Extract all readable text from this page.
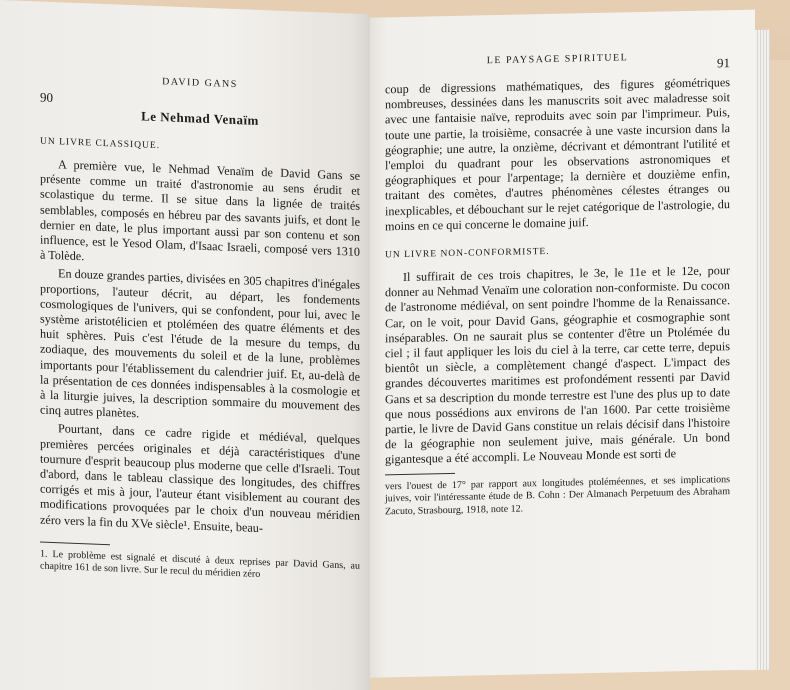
LE PAYSAGE SPIRITUEL	91

coup de digressions mathématiques, des figures géométriques nombreuses, dessinées dans les manuscrits soit avec maladresse soit avec une fantaisie naïve, reproduits avec soin par l'imprimeur. Puis, toute une partie, la troisième, consacrée à une vaste incursion dans la géographie; une autre, la onzième, décrivant et démontrant l'utilité et l'emploi du quadrant pour les observations astronomiques et géographiques et pour l'arpentage; la dernière et douzième enfin, traitant des comètes, d'autres phénomènes célestes étranges ou inexplicables, et débouchant sur le rejet catégorique de l'astrologie, du moins en ce qui concerne le domaine juif.

UN LIVRE NON-CONFORMISTE.

Il suffirait de ces trois chapitres, le 3e, le 11e et le 12e, pour donner au Nehmad Venaïm une coloration non-conformiste. Du cocon de l'astronome médiéval, on sent poindre l'homme de la Renaissance. Car, on le voit, pour David Gans, géographie et cosmographie sont inséparables. On ne saurait plus se contenter d'être un Ptolémée du ciel ; il faut appliquer les lois du ciel à la terre, car cette terre, depuis bientôt un siècle, a complètement changé d'aspect. L'impact des grandes découvertes maritimes est profondément ressenti par David Gans et sa description du monde terrestre est l'une des plus up to date que nous possédions aux environs de l'an 1600. Par cette troisième partie, le livre de David Gans constitue un relais décisif dans l'histoire de la géographie non seulement juive, mais générale. Un bond gigantesque a été accompli. Le Nouveau Monde est sorti de

vers l'ouest de 17° par rapport aux longitudes ptoléméennes, et ses implications juives, voir l'intéressante étude de B. Cohn : Der Almanach Perpetuum des Abraham Zacuto, Strasbourg, 1918, note 12.
DAVID GANS
90
Le Nehmad Venaïm
UN LIVRE CLASSIQUE.

A première vue, le Nehmad Venaïm de David Gans se présente comme un traité d'astronomie au sens érudit et scolastique du terme. Il se situe dans la lignée de traités semblables, composés en hébreu par des savants juifs, et dont le dernier en date, le plus important aussi par son contenu et son influence, est le Yesod Olam, d'Isaac Israeli, composé vers 1310 à Tolède.

En douze grandes parties, divisées en 305 chapitres d'inégales proportions, l'auteur décrit, au départ, les fondements cosmologiques de l'univers, qui se confondent, pour lui, avec le système aristotélicien et ptoléméen des quatre éléments et des huit sphères. Puis c'est l'étude de la mesure du temps, du zodiaque, des mouvements du soleil et de la lune, problèmes importants pour l'établissement du calendrier juif. Et, au-delà de la présentation de ces données indispensables à la cosmologie et à la liturgie juives, la description sommaire du mouvement des cinq autres planètes.

Pourtant, dans ce cadre rigide et médiéval, quelques premières percées originales et déjà caractéristiques d'une tournure d'esprit beaucoup plus moderne que celle d'Israeli. Tout d'abord, dans le tableau classique des longitudes, des chiffres corrigés et mis à jour, l'auteur étant visiblement au courant des modifications provoquées par le choix d'un nouveau méridien zéro vers la fin du XVe siècle¹. Ensuite, beau-

1. Le problème est signalé et discuté à deux reprises par David Gans, au chapitre 161 de son livre. Sur le recul du méridien zéro
